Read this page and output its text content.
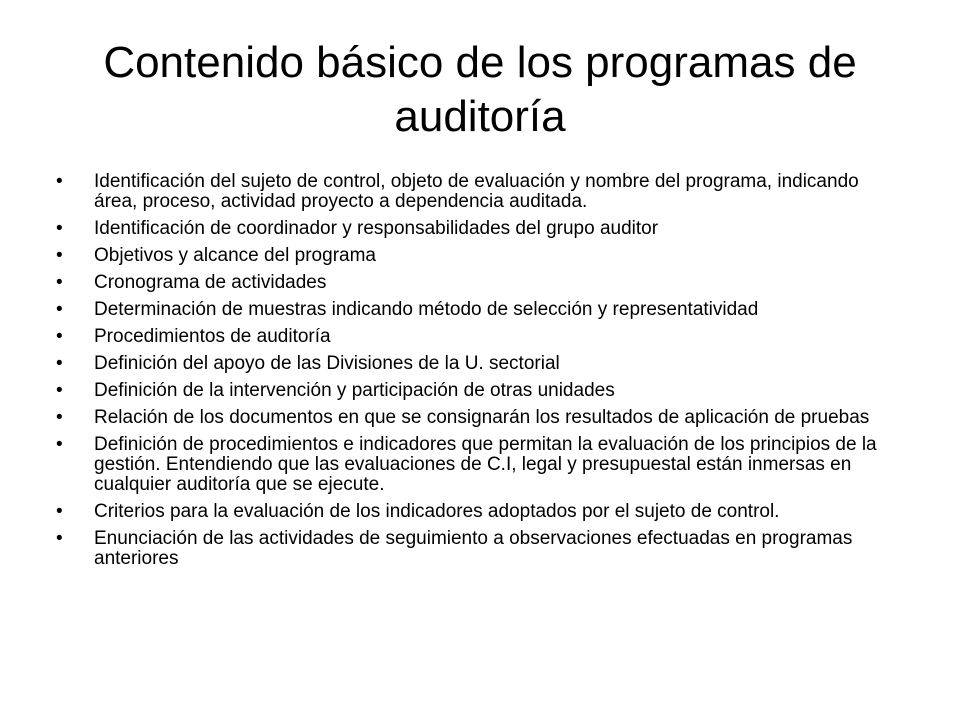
Contenido básico de los programas de auditoría
• Identificación del sujeto de control, objeto de evaluación y nombre del programa, indicando área, proceso, actividad proyecto a dependencia auditada.
• Identificación de coordinador y responsabilidades del grupo auditor
• Objetivos y alcance del programa
• Cronograma de actividades
• Determinación de muestras indicando método de selección y representatividad
• Procedimientos de auditoría
• Definición del apoyo de las Divisiones de la U. sectorial
• Definición de la intervención y participación de otras unidades
• Relación de los documentos en que se consignarán los resultados de aplicación de pruebas
• Definición de procedimientos e indicadores que permitan la evaluación de los principios de la gestión. Entendiendo que las evaluaciones de C.I, legal y presupuestal están inmersas en cualquier auditoría que se ejecute.
• Criterios para la evaluación de los indicadores adoptados por el sujeto de control.
• Enunciación de las actividades de seguimiento a observaciones efectuadas en programas anteriores
